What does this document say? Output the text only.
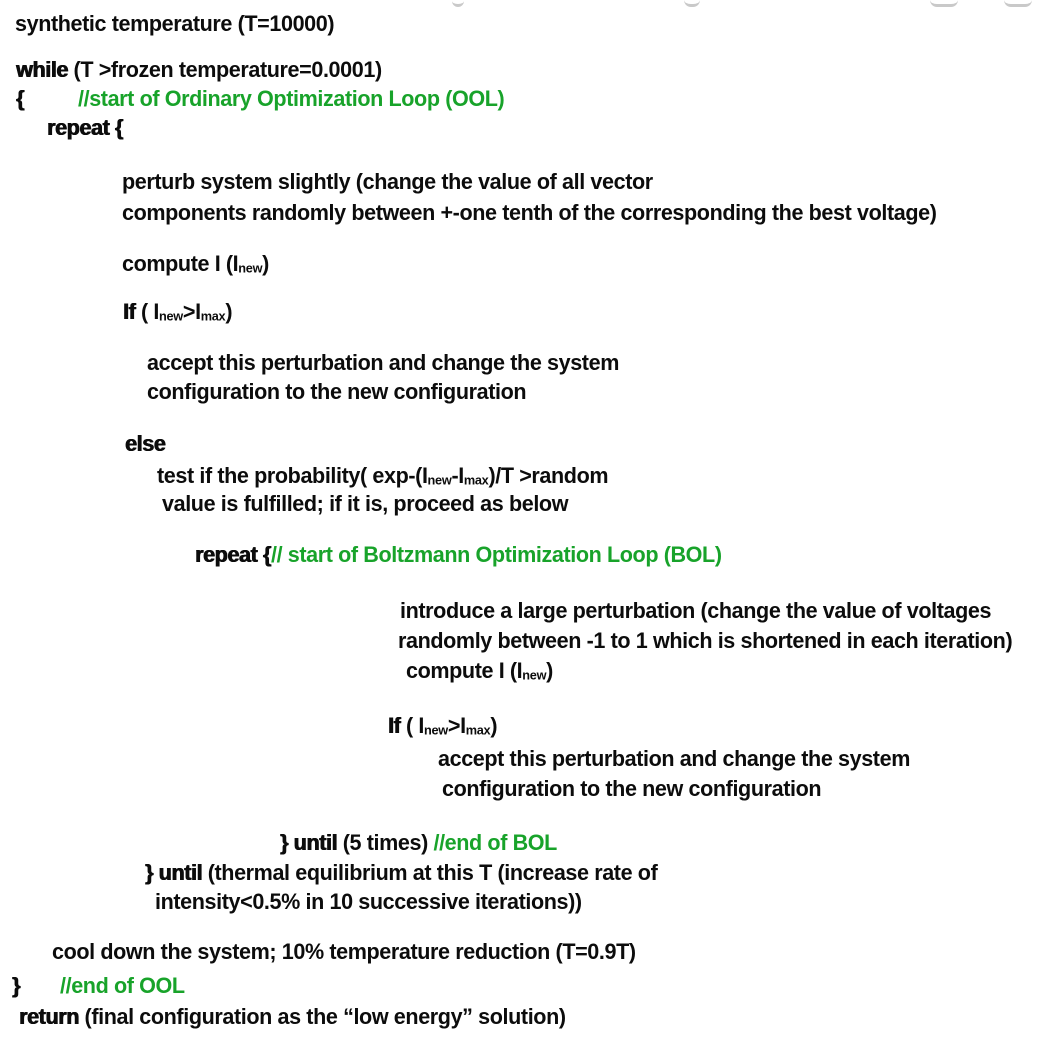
synthetic temperature (T=10000)
while (T >frozen temperature=0.0001)
{ //start of Ordinary Optimization Loop (OOL)
repeat {
perturb system slightly (change the value of all vector
components randomly between +-one tenth of the corresponding the best voltage)
compute I (Inew)
If ( Inew>Imax)
accept this perturbation and change the system
configuration to the new configuration
else
test if the probability( exp-(Inew-Imax)/T >random
value is fulfilled; if it is, proceed as below
repeat {// start of Boltzmann Optimization Loop (BOL)
introduce a large perturbation (change the value of voltages
randomly between -1 to 1 which is shortened in each iteration)
compute I (Inew)
If ( Inew>Imax)
accept this perturbation and change the system
configuration to the new configuration
} until (5 times) //end of BOL
} until (thermal equilibrium at this T (increase rate of
intensity<0.5% in 10 successive iterations))
cool down the system; 10% temperature reduction (T=0.9T)
} //end of OOL
return (final configuration as the “low energy” solution)
